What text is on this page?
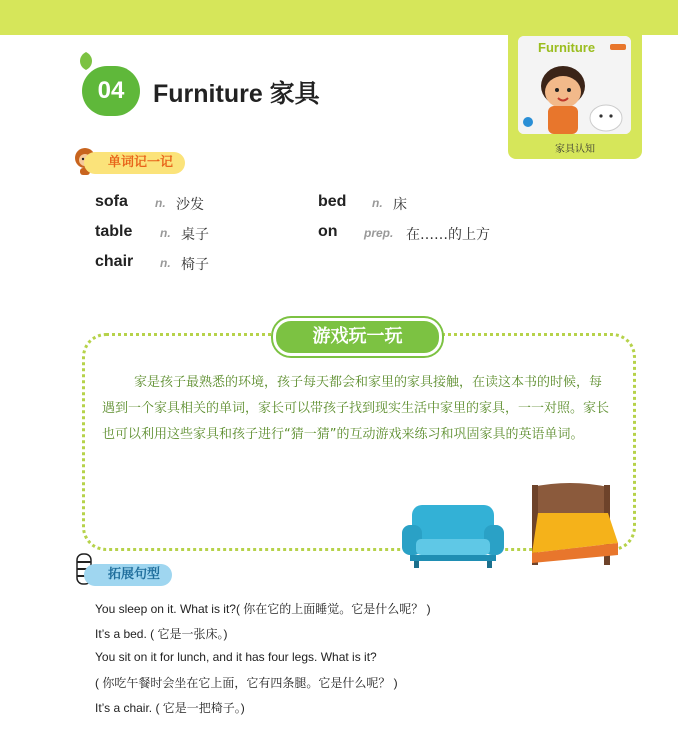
Furniture
家具认知
04	Furniture 家具
单词记一记
sofa n. 沙发	bed n. 床
table n. 桌子	on prep. 在……的上方
chair n. 椅子
游戏玩一玩
家是孩子最熟悉的环境，孩子每天都会和家里的家具接触，在读这本书的时候，每遇到一个家具相关的单词，家长可以带孩子找到现实生活中家里的家具，一一对照。家长也可以利用这些家具和孩子进行“猜一猜”的互动游戏来练习和巩固家具的英语单词。
拓展句型
You sleep on it. What is it?( 你在它的上面睡觉。它是什么呢？ )
It’s a bed. ( 它是一张床。)
You sit on it for lunch, and it has four legs. What is it?
( 你吃午餐时会坐在它上面，它有四条腿。它是什么呢？ )
It’s a chair. ( 它是一把椅子。)
